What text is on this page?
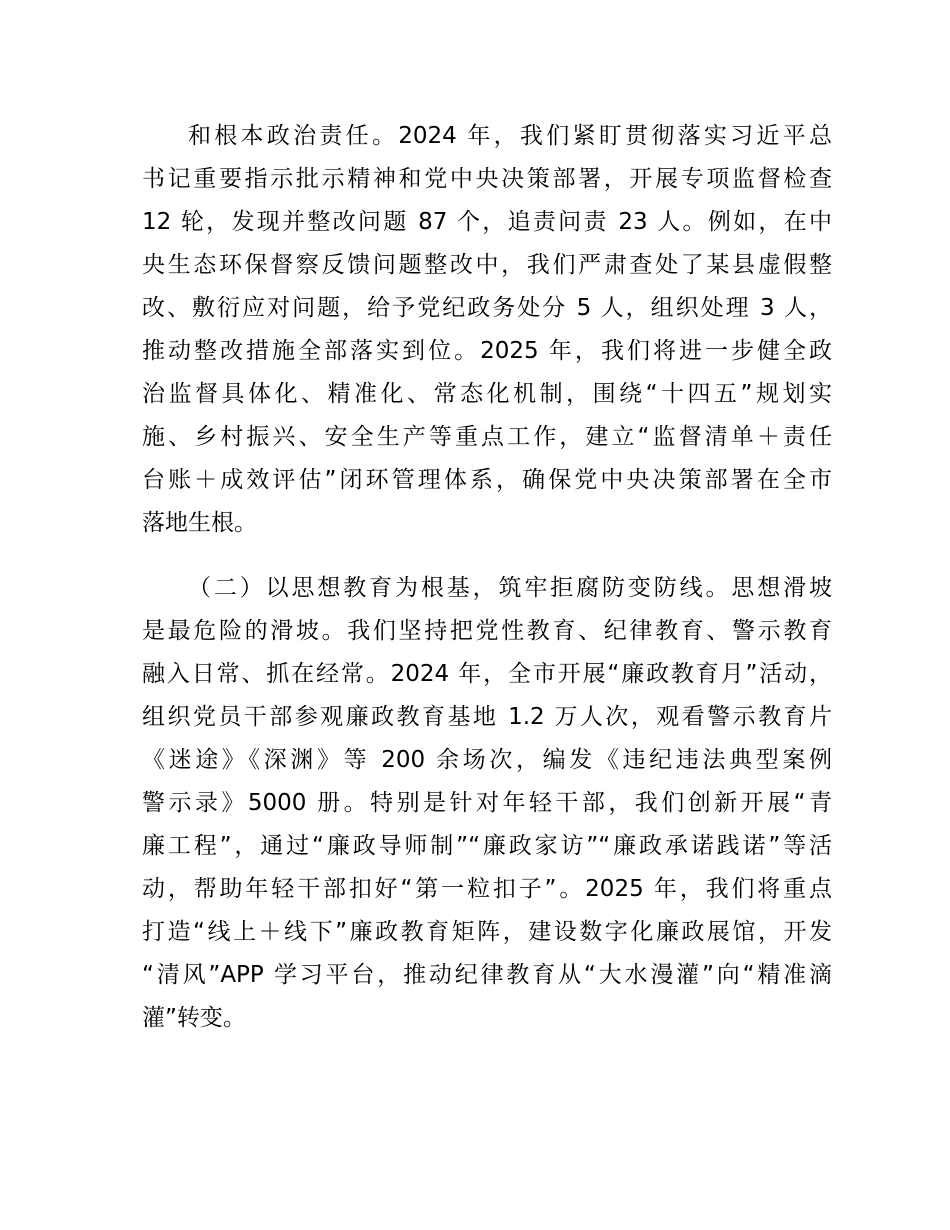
和根本政治责任。2024 年，我们紧盯贯彻落实习近平总
书记重要指示批示精神和党中央决策部署，开展专项监督检查
12 轮，发现并整改问题 87 个，追责问责 23 人。例如，在中
央生态环保督察反馈问题整改中，我们严肃查处了某县虚假整
改、敷衍应对问题，给予党纪政务处分 5 人，组织处理 3 人，
推动整改措施全部落实到位。2025 年，我们将进一步健全政
治监督具体化、精准化、常态化机制，围绕“十四五”规划实
施、乡村振兴、安全生产等重点工作，建立“监督清单＋责任
台账＋成效评估”闭环管理体系，确保党中央决策部署在全市
落地生根。
（二）以思想教育为根基，筑牢拒腐防变防线。思想滑坡
是最危险的滑坡。我们坚持把党性教育、纪律教育、警示教育
融入日常、抓在经常。2024 年，全市开展“廉政教育月”活动，
组织党员干部参观廉政教育基地 1.2 万人次，观看警示教育片
《迷途》《深渊》等 200 余场次，编发《违纪违法典型案例
警示录》5000 册。特别是针对年轻干部，我们创新开展“青
廉工程”，通过“廉政导师制”“廉政家访”“廉政承诺践诺”等活
动，帮助年轻干部扣好“第一粒扣子”。2025 年，我们将重点
打造“线上＋线下”廉政教育矩阵，建设数字化廉政展馆，开发
“清风”APP 学习平台，推动纪律教育从“大水漫灌”向“精准滴
灌”转变。
